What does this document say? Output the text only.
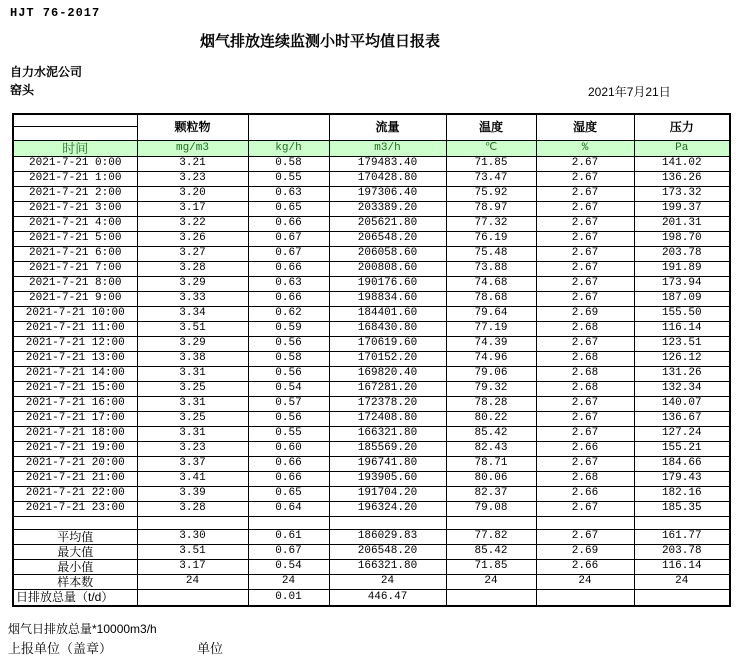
HJT 76-2017
烟气排放连续监测小时平均值日报表
自力水泥公司
窑头	2021年7月21日
	颗粒物		流量	温度	湿度	压力
时间	mg/m3	kg/h	m3/h	℃	%	Pa
2021-7-21 0:00	3.21	0.58	179483.40	71.85	2.67	141.02
2021-7-21 1:00	3.23	0.55	170428.80	73.47	2.67	136.26
2021-7-21 2:00	3.20	0.63	197306.40	75.92	2.67	173.32
2021-7-21 3:00	3.17	0.65	203389.20	78.97	2.67	199.37
2021-7-21 4:00	3.22	0.66	205621.80	77.32	2.67	201.31
2021-7-21 5:00	3.26	0.67	206548.20	76.19	2.67	198.70
2021-7-21 6:00	3.27	0.67	206058.60	75.48	2.67	203.78
2021-7-21 7:00	3.28	0.66	200808.60	73.88	2.67	191.89
2021-7-21 8:00	3.29	0.63	190176.60	74.68	2.67	173.94
2021-7-21 9:00	3.33	0.66	198834.60	78.68	2.67	187.09
2021-7-21 10:00	3.34	0.62	184401.60	79.64	2.69	155.50
2021-7-21 11:00	3.51	0.59	168430.80	77.19	2.68	116.14
2021-7-21 12:00	3.29	0.56	170619.60	74.39	2.67	123.51
2021-7-21 13:00	3.38	0.58	170152.20	74.96	2.68	126.12
2021-7-21 14:00	3.31	0.56	169820.40	79.06	2.68	131.26
2021-7-21 15:00	3.25	0.54	167281.20	79.32	2.68	132.34
2021-7-21 16:00	3.31	0.57	172378.20	78.28	2.67	140.07
2021-7-21 17:00	3.25	0.56	172408.80	80.22	2.67	136.67
2021-7-21 18:00	3.31	0.55	166321.80	85.42	2.67	127.24
2021-7-21 19:00	3.23	0.60	185569.20	82.43	2.66	155.21
2021-7-21 20:00	3.37	0.66	196741.80	78.71	2.67	184.66
2021-7-21 21:00	3.41	0.66	193905.60	80.06	2.68	179.43
2021-7-21 22:00	3.39	0.65	191704.20	82.37	2.66	182.16
2021-7-21 23:00	3.28	0.64	196324.20	79.08	2.67	185.35

平均值	3.30	0.61	186029.83	77.82	2.67	161.77
最大值	3.51	0.67	206548.20	85.42	2.69	203.78
最小值	3.17	0.54	166321.80	71.85	2.66	116.14
样本数	24	24	24	24	24	24
日排放总量（t/d）		0.01	446.47			
烟气日排放总量*10000m3/h
上报单位（盖章）	单位
